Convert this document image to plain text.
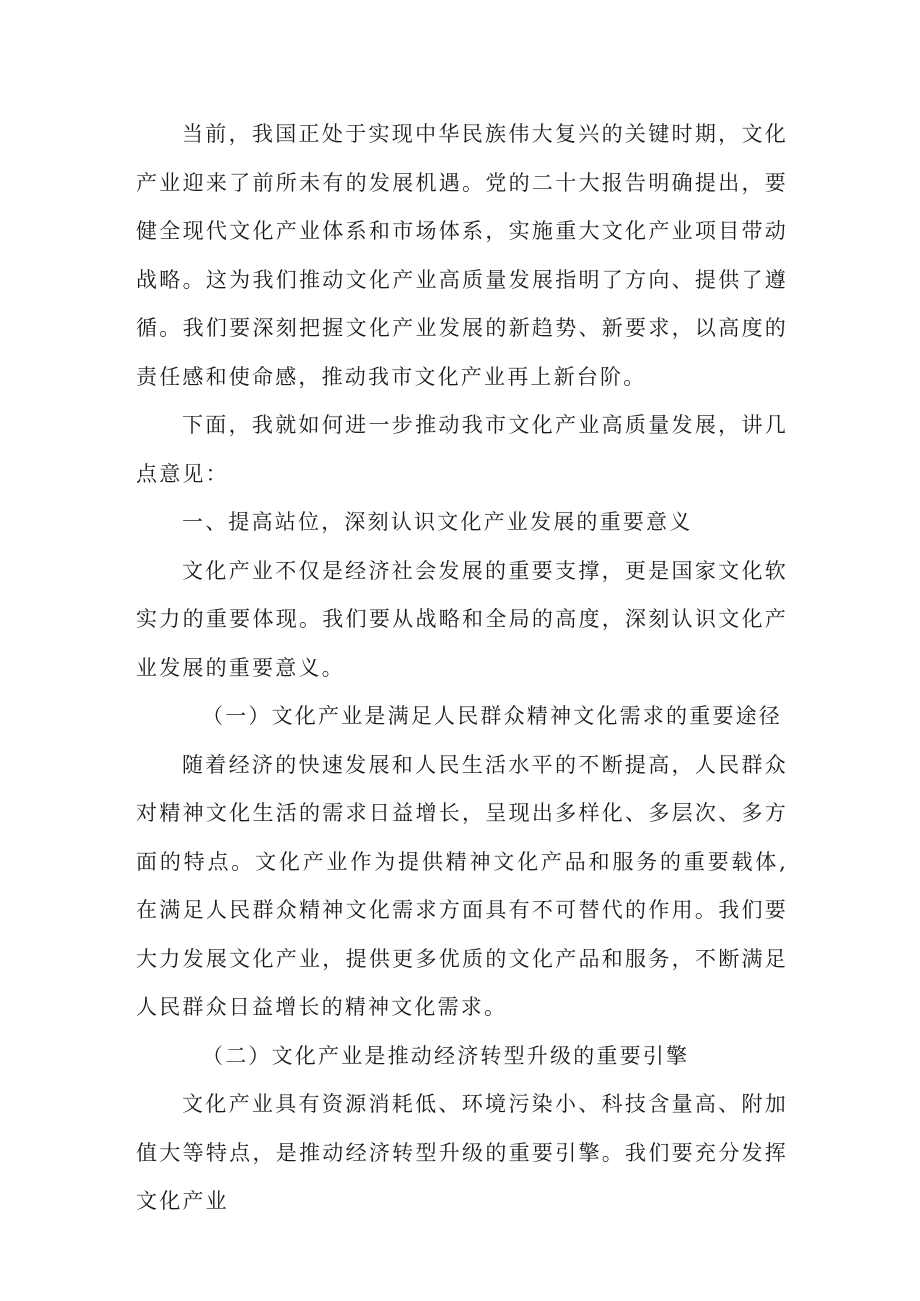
当前，我国正处于实现中华民族伟大复兴的关键时期，文化产业迎来了前所未有的发展机遇。党的二十大报告明确提出，要健全现代文化产业体系和市场体系，实施重大文化产业项目带动战略。这为我们推动文化产业高质量发展指明了方向、提供了遵循。我们要深刻把握文化产业发展的新趋势、新要求，以高度的责任感和使命感，推动我市文化产业再上新台阶。

下面，我就如何进一步推动我市文化产业高质量发展，讲几点意见：

一、提高站位，深刻认识文化产业发展的重要意义

文化产业不仅是经济社会发展的重要支撑，更是国家文化软实力的重要体现。我们要从战略和全局的高度，深刻认识文化产业发展的重要意义。

（一）文化产业是满足人民群众精神文化需求的重要途径

随着经济的快速发展和人民生活水平的不断提高，人民群众对精神文化生活的需求日益增长，呈现出多样化、多层次、多方面的特点。文化产业作为提供精神文化产品和服务的重要载体,在满足人民群众精神文化需求方面具有不可替代的作用。我们要大力发展文化产业，提供更多优质的文化产品和服务，不断满足人民群众日益增长的精神文化需求。

（二）文化产业是推动经济转型升级的重要引擎

文化产业具有资源消耗低、环境污染小、科技含量高、附加值大等特点，是推动经济转型升级的重要引擎。我们要充分发挥文化产业
